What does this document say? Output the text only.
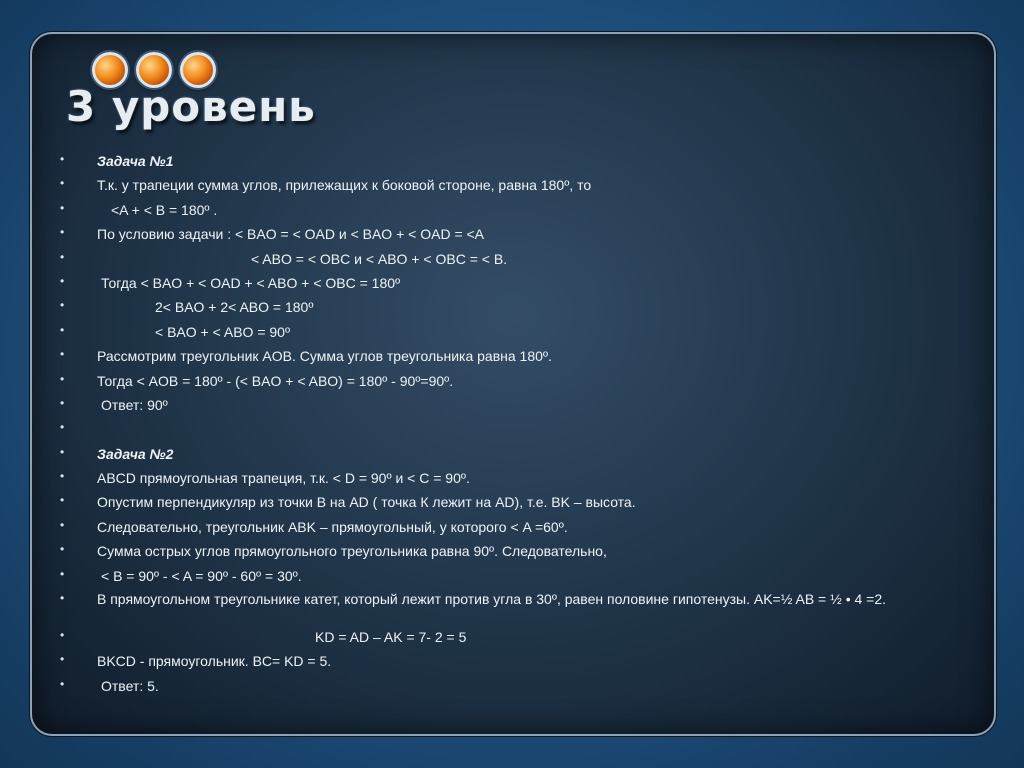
3 уровень
• Задача №1
• Т.к. у трапеции сумма углов, прилежащих к боковой стороне, равна 180º, то
•	<A + < B = 180º .
• По условию задачи : < BAO = < OAD и < BAO + < OAD = <A
•	< ABO = < OBC и < ABO + < OBC = < B.
•	Тогда < BAO + < OAD + < ABO + < OBC = 180º
•	2< BAO + 2< ABO = 180º
•	< BAO + < ABO = 90º
• Рассмотрим треугольник AOB. Сумма углов треугольника равна 180º.
• Тогда < AOB = 180º - (< BAO + < ABO) = 180º - 90º=90º.
•	Ответ: 90º
•
• Задача №2
• ABCD прямоугольная трапеция, т.к. < D = 90º и < C = 90º.
• Опустим перпендикуляр из точки B на AD ( точка К лежит на AD), т.е. BK – высота.
• Следовательно, треугольник ABK – прямоугольный, у которого < A =60º.
• Сумма острых углов прямоугольного треугольника равна 90º. Следовательно,
•	< B = 90º - < A = 90º - 60º = 30º.
• В прямоугольном треугольнике катет, который лежит против угла в 30º, равен половине гипотенузы. AK=½ AB = ½ • 4 =2.
•	KD = AD – AK = 7- 2 = 5
• BKCD - прямоугольник. BC= KD = 5.
•	Ответ: 5.
